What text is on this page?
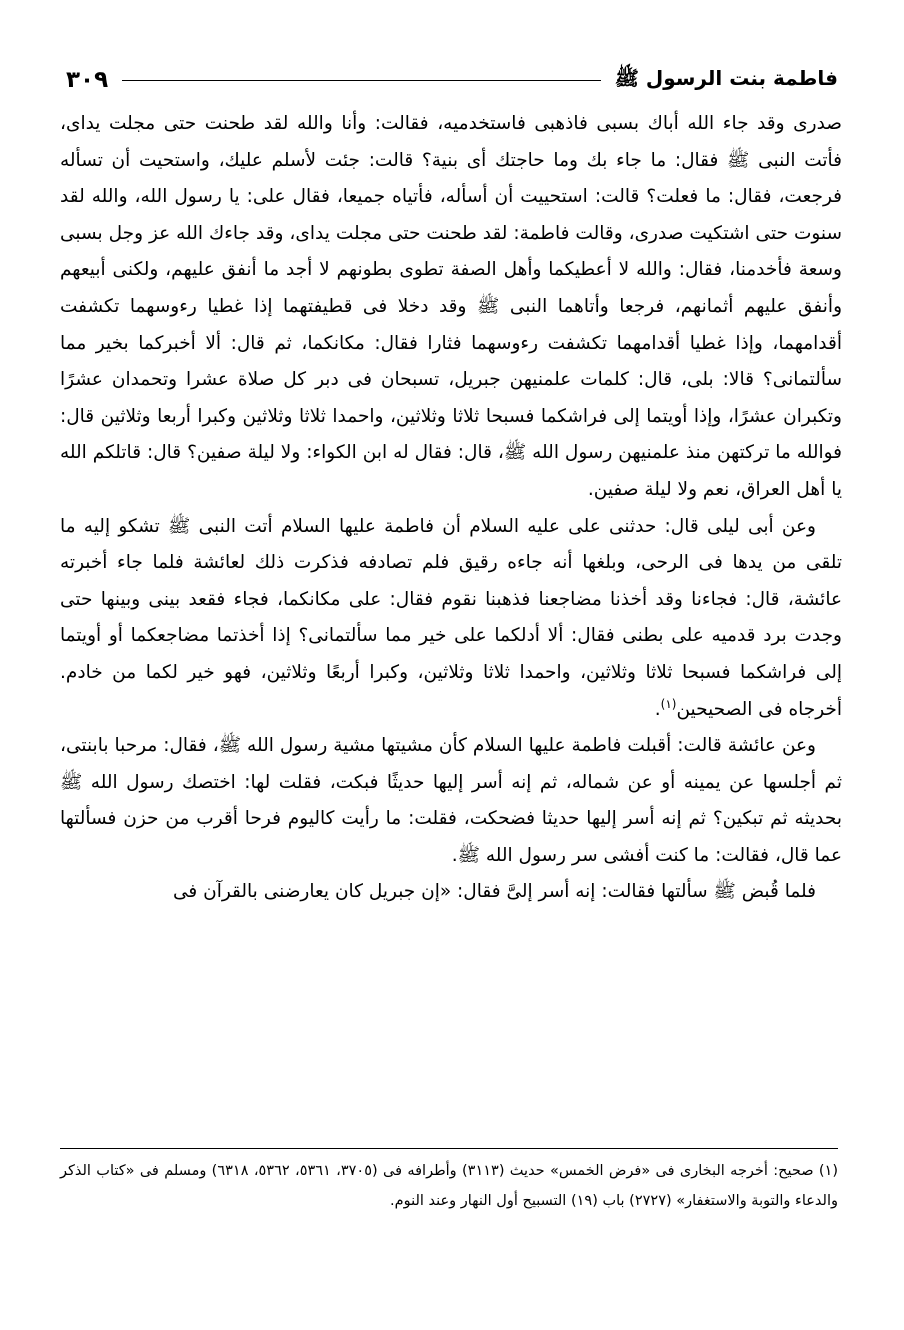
فاطمة بنت الرسول ﷺ
٣٠٩

صدرى وقد جاء الله أباك بسبى فاذهبى فاستخدميه، فقالت: وأنا والله لقد طحنت حتى مجلت يداى، فأتت النبى ﷺ فقال: ما جاء بك وما حاجتك أى بنية؟ قالت: جئت لأسلم عليك، واستحيت أن تسأله فرجعت، فقال: ما فعلت؟ قالت: استحييت أن أسأله، فأتياه جميعا، فقال على: يا رسول الله، والله لقد سنوت حتى اشتكيت صدرى، وقالت فاطمة: لقد طحنت حتى مجلت يداى، وقد جاءك الله عز وجل بسبى وسعة فأخدمنا، فقال: والله لا أعطيكما وأهل الصفة تطوى بطونهم لا أجد ما أنفق عليهم، ولكنى أبيعهم وأنفق عليهم أثمانهم، فرجعا وأتاهما النبى ﷺ وقد دخلا فى قطيفتهما إذا غطيا رءوسهما تكشفت أقدامهما، وإذا غطيا أقدامهما تكشفت رءوسهما فثارا فقال: مكانكما، ثم قال: ألا أخبركما بخير مما سألتمانى؟ قالا: بلى، قال: كلمات علمنيهن جبريل، تسبحان فى دبر كل صلاة عشرا وتحمدان عشرًا وتكبران عشرًا، وإذا أويتما إلى فراشكما فسبحا ثلاثا وثلاثين، واحمدا ثلاثا وثلاثين وكبرا أربعا وثلاثين قال: فوالله ما تركتهن منذ علمنيهن رسول الله ﷺ، قال: فقال له ابن الكواء: ولا ليلة صفين؟ قال: قاتلكم الله يا أهل العراق، نعم ولا ليلة صفين.

وعن أبى ليلى قال: حدثنى على عليه السلام أن فاطمة عليها السلام أتت النبى ﷺ تشكو إليه ما تلقى من يدها فى الرحى، وبلغها أنه جاءه رقيق فلم تصادفه فذكرت ذلك لعائشة فلما جاء أخبرته عائشة، قال: فجاءنا وقد أخذنا مضاجعنا فذهبنا نقوم فقال: على مكانكما، فجاء فقعد بينى وبينها حتى وجدت برد قدميه على بطنى فقال: ألا أدلكما على خير مما سألتمانى؟ إذا أخذتما مضاجعكما أو أويتما إلى فراشكما فسبحا ثلاثا وثلاثين، واحمدا ثلاثا وثلاثين، وكبرا أربعًا وثلاثين، فهو خير لكما من خادم. أخرجاه فى الصحيحين$^{(١)}$.

وعن عائشة قالت: أقبلت فاطمة عليها السلام كأن مشيتها مشية رسول الله ﷺ، فقال: مرحبا بابنتى، ثم أجلسها عن يمينه أو عن شماله، ثم إنه أسر إليها حديثًا فبكت، فقلت لها: اختصك رسول الله ﷺ بحديثه ثم تبكين؟ ثم إنه أسر إليها حديثا فضحكت، فقلت: ما رأيت كاليوم فرحا أقرب من حزن فسألتها عما قال، فقالت: ما كنت أفشى سر رسول الله ﷺ.

فلما قُبض ﷺ سألتها فقالت: إنه أسر إلىَّ فقال: «إن جبريل كان يعارضنى بالقرآن فى

(١) صحيح: أخرجه البخارى فى «فرض الخمس» حديث (٣١١٣) وأطرافه فى (٣٧٠٥، ٥٣٦١، ٥٣٦٢، ٦٣١٨) ومسلم فى «كتاب الذكر والدعاء والتوبة والاستغفار» (٢٧٢٧) باب (١٩) التسبيح أول النهار وعند النوم.
